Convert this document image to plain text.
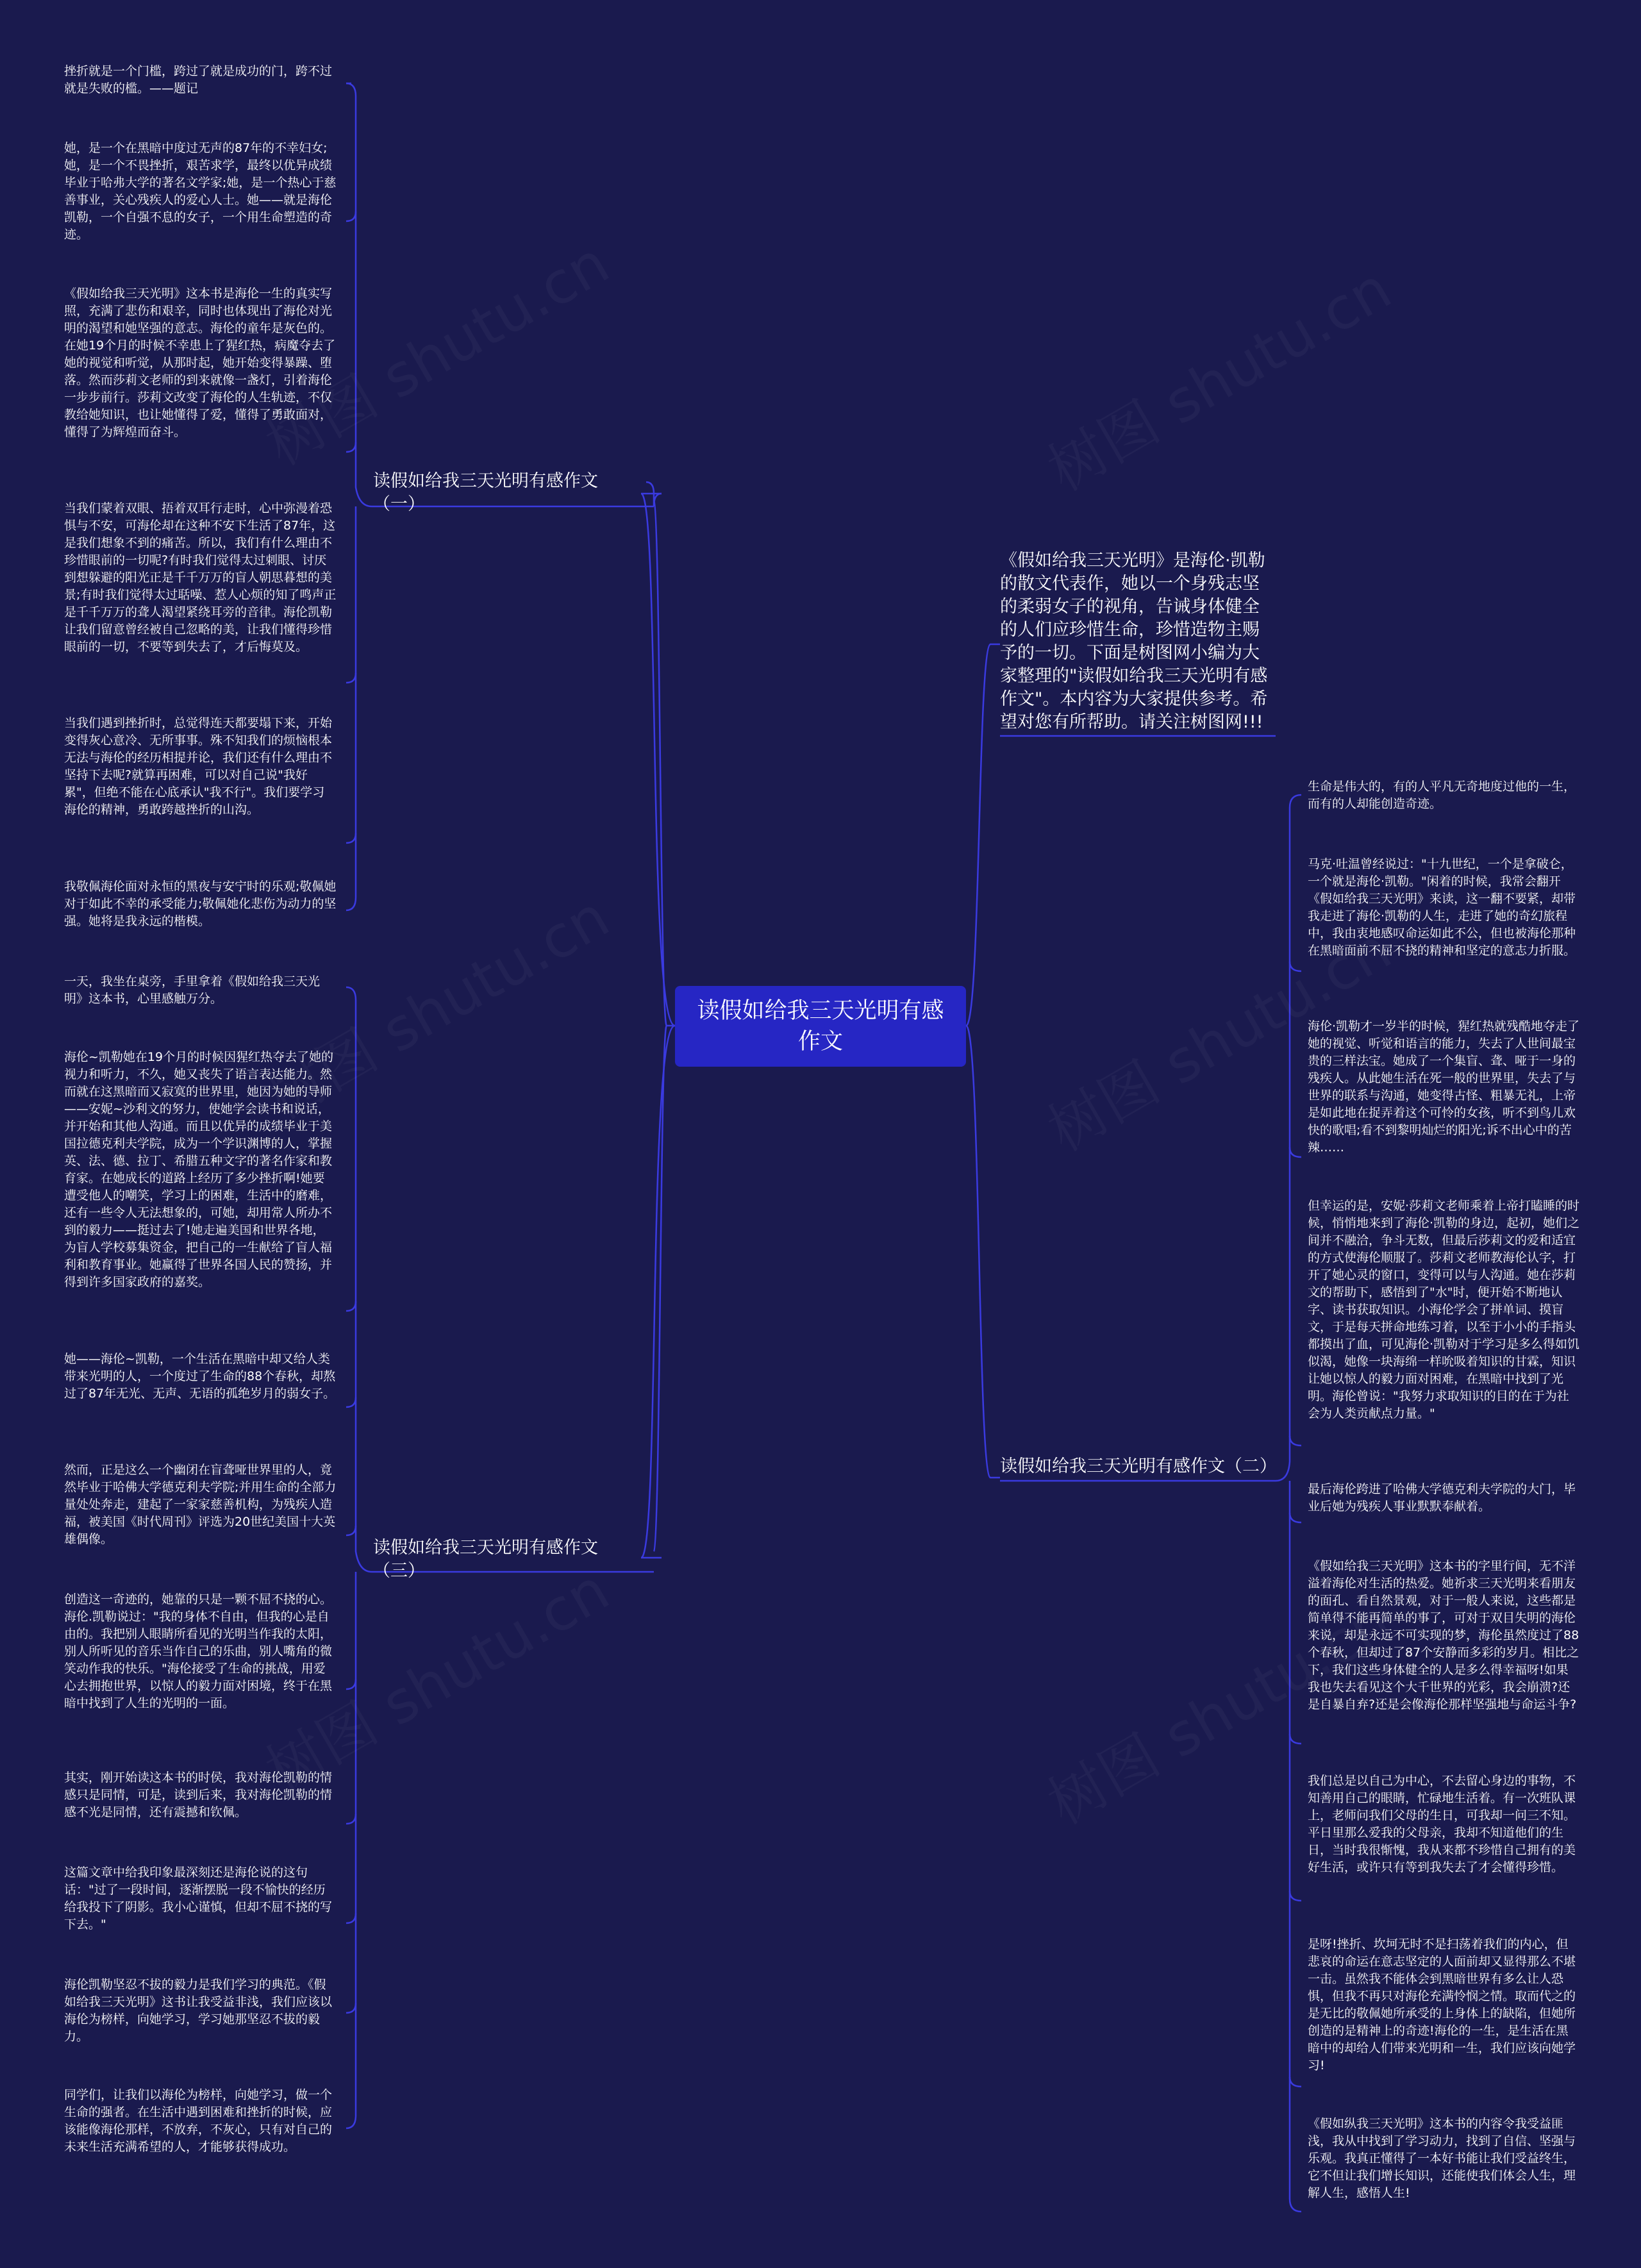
读假如给我三天光明有感作文

《假如给我三天光明》是海伦·凯勒的散文代表作，她以一个身残志坚的柔弱女子的视角，告诫身体健全的人们应珍惜生命，珍惜造物主赐予的一切。下面是树图网小编为大家整理的"读假如给我三天光明有感作文"。本内容为大家提供参考。希望对您有所帮助。请关注树图网!!!

读假如给我三天光明有感作文（一）

读假如给我三天光明有感作文（三）

读假如给我三天光明有感作文（二）

挫折就是一个门槛，跨过了就是成功的门，跨不过就是失败的槛。——题记

她，是一个在黑暗中度过无声的87年的不幸妇女;她，是一个不畏挫折，艰苦求学，最终以优异成绩毕业于哈弗大学的著名文学家;她，是一个热心于慈善事业，关心残疾人的爱心人士。她——就是海伦凯勒，一个自强不息的女子，一个用生命塑造的奇迹。

《假如给我三天光明》这本书是海伦一生的真实写照，充满了悲伤和艰辛，同时也体现出了海伦对光明的渴望和她坚强的意志。海伦的童年是灰色的。在她19个月的时候不幸患上了猩红热，病魔夺去了她的视觉和听觉，从那时起，她开始变得暴躁、堕落。然而莎莉文老师的到来就像一盏灯，引着海伦一步步前行。莎莉文改变了海伦的人生轨迹，不仅教给她知识，也让她懂得了爱，懂得了勇敢面对，懂得了为辉煌而奋斗。

当我们蒙着双眼、捂着双耳行走时，心中弥漫着恐惧与不安，可海伦却在这种不安下生活了87年，这是我们想象不到的痛苦。所以，我们有什么理由不珍惜眼前的一切呢?有时我们觉得太过刺眼、讨厌到想躲避的阳光正是千千万万的盲人朝思暮想的美景;有时我们觉得太过聒噪、惹人心烦的知了鸣声正是千千万万的聋人渴望紧绕耳旁的音律。海伦凯勒让我们留意曾经被自己忽略的美，让我们懂得珍惜眼前的一切，不要等到失去了，才后悔莫及。

当我们遇到挫折时，总觉得连天都要塌下来，开始变得灰心意冷、无所事事。殊不知我们的烦恼根本无法与海伦的经历相提并论，我们还有什么理由不坚持下去呢?就算再困难，可以对自己说"我好累"，但绝不能在心底承认"我不行"。我们要学习海伦的精神，勇敢跨越挫折的山沟。

我敬佩海伦面对永恒的黑夜与安宁时的乐观;敬佩她对于如此不幸的承受能力;敬佩她化悲伤为动力的坚强。她将是我永远的楷模。

一天，我坐在桌旁，手里拿着《假如给我三天光明》这本书，心里感触万分。

海伦~凯勒她在19个月的时候因猩红热夺去了她的视力和听力，不久，她又丧失了语言表达能力。然而就在这黑暗而又寂寞的世界里，她因为她的导师——安妮~沙利文的努力，使她学会读书和说话，并开始和其他人沟通。而且以优异的成绩毕业于美国拉德克利夫学院，成为一个学识渊博的人，掌握英、法、德、拉丁、希腊五种文字的著名作家和教育家。在她成长的道路上经历了多少挫折啊!她要遭受他人的嘲笑，学习上的困难，生活中的磨难，还有一些令人无法想象的，可她，却用常人所办不到的毅力——挺过去了!她走遍美国和世界各地，为盲人学校募集资金，把自己的一生献给了盲人福利和教育事业。她赢得了世界各国人民的赞扬，并得到许多国家政府的嘉奖。

她——海伦~凯勒，一个生活在黑暗中却又给人类带来光明的人，一个度过了生命的88个春秋，却熬过了87年无光、无声、无语的孤绝岁月的弱女子。

然而，正是这么一个幽闭在盲聋哑世界里的人，竟然毕业于哈佛大学德克利夫学院;并用生命的全部力量处处奔走，建起了一家家慈善机构，为残疾人造福，被美国《时代周刊》评选为20世纪美国十大英雄偶像。

创造这一奇迹的，她靠的只是一颗不屈不挠的心。海伦.凯勒说过："我的身体不自由，但我的心是自由的。我把别人眼睛所看见的光明当作我的太阳，别人所听见的音乐当作自己的乐曲，别人嘴角的微笑动作我的快乐。"海伦接受了生命的挑战，用爱心去拥抱世界，以惊人的毅力面对困境，终于在黑暗中找到了人生的光明的一面。

其实，刚开始读这本书的时侯，我对海伦凯勒的情感只是同情，可是，读到后来，我对海伦凯勒的情感不光是同情，还有震撼和钦佩。

这篇文章中给我印象最深刻还是海伦说的这句话："过了一段时间，逐渐摆脱一段不愉快的经历给我投下了阴影。我小心谨慎，但却不屈不挠的写下去。"

海伦凯勒坚忍不拔的毅力是我们学习的典范。《假如给我三天光明》这书让我受益非浅，我们应该以海伦为榜样，向她学习，学习她那坚忍不拔的毅力。

同学们，让我们以海伦为榜样，向她学习，做一个生命的强者。在生活中遇到困难和挫折的时候，应该能像海伦那样，不放弃，不灰心，只有对自己的未来生活充满希望的人，才能够获得成功。

生命是伟大的，有的人平凡无奇地度过他的一生，而有的人却能创造奇迹。

马克·吐温曾经说过："十九世纪，一个是拿破仑，一个就是海伦·凯勒。"闲着的时候，我常会翻开《假如给我三天光明》来读，这一翻不要紧，却带我走进了海伦·凯勒的人生，走进了她的奇幻旅程中，我由衷地感叹命运如此不公，但也被海伦那种在黑暗面前不屈不挠的精神和坚定的意志力折服。

海伦·凯勒才一岁半的时候，猩红热就残酷地夺走了她的视觉、听觉和语言的能力，失去了人世间最宝贵的三样法宝。她成了一个集盲、聋、哑于一身的残疾人。从此她生活在死一般的世界里，失去了与世界的联系与沟通，她变得古怪、粗暴无礼，上帝是如此地在捉弄着这个可怜的女孩，听不到鸟儿欢快的歌唱;看不到黎明灿烂的阳光;诉不出心中的苦辣……

但幸运的是，安妮·莎莉文老师乘着上帝打瞌睡的时候，悄悄地来到了海伦·凯勒的身边，起初，她们之间并不融洽，争斗无数，但最后莎莉文的爱和适宜的方式使海伦顺服了。莎莉文老师教海伦认字，打开了她心灵的窗口，变得可以与人沟通。她在莎莉文的帮助下，感悟到了"水"时，便开始不断地认字、读书获取知识。小海伦学会了拼单词、摸盲文，于是每天拼命地练习着，以至于小小的手指头都摸出了血，可见海伦·凯勒对于学习是多么得如饥似渴，她像一块海绵一样吮吸着知识的甘霖，知识让她以惊人的毅力面对困难，在黑暗中找到了光明。海伦曾说："我努力求取知识的目的在于为社会为人类贡献点力量。"

最后海伦跨进了哈佛大学德克利夫学院的大门，毕业后她为残疾人事业默默奉献着。

《假如给我三天光明》这本书的字里行间，无不洋溢着海伦对生活的热爱。她祈求三天光明来看朋友的面孔、看自然景观，对于一般人来说，这些都是简单得不能再简单的事了，可对于双目失明的海伦来说，却是永远不可实现的梦，海伦虽然度过了88个春秋，但却过了87个安静而多彩的岁月。相比之下，我们这些身体健全的人是多么得幸福呀!如果我也失去看见这个大千世界的光彩，我会崩溃?还是自暴自弃?还是会像海伦那样坚强地与命运斗争?

我们总是以自己为中心，不去留心身边的事物，不知善用自己的眼睛，忙碌地生活着。有一次班队课上，老师问我们父母的生日，可我却一问三不知。平日里那么爱我的父母亲，我却不知道他们的生日，当时我很惭愧，我从来都不珍惜自己拥有的美好生活，或许只有等到我失去了才会懂得珍惜。

是呀!挫折、坎坷无时不是扫荡着我们的内心，但悲哀的命运在意志坚定的人面前却又显得那么不堪一击。虽然我不能体会到黑暗世界有多么让人恐惧，但我不再只对海伦充满怜悯之情。取而代之的是无比的敬佩她所承受的上身体上的缺陷，但她所创造的是精神上的奇迹!海伦的一生，是生活在黑暗中的却给人们带来光明和一生，我们应该向她学习!

《假如纵我三天光明》这本书的内容令我受益匪浅，我从中找到了学习动力，找到了自信、坚强与乐观。我真正懂得了一本好书能让我们受益终生，它不但让我们增长知识，还能使我们体会人生，理解人生，感悟人生!
